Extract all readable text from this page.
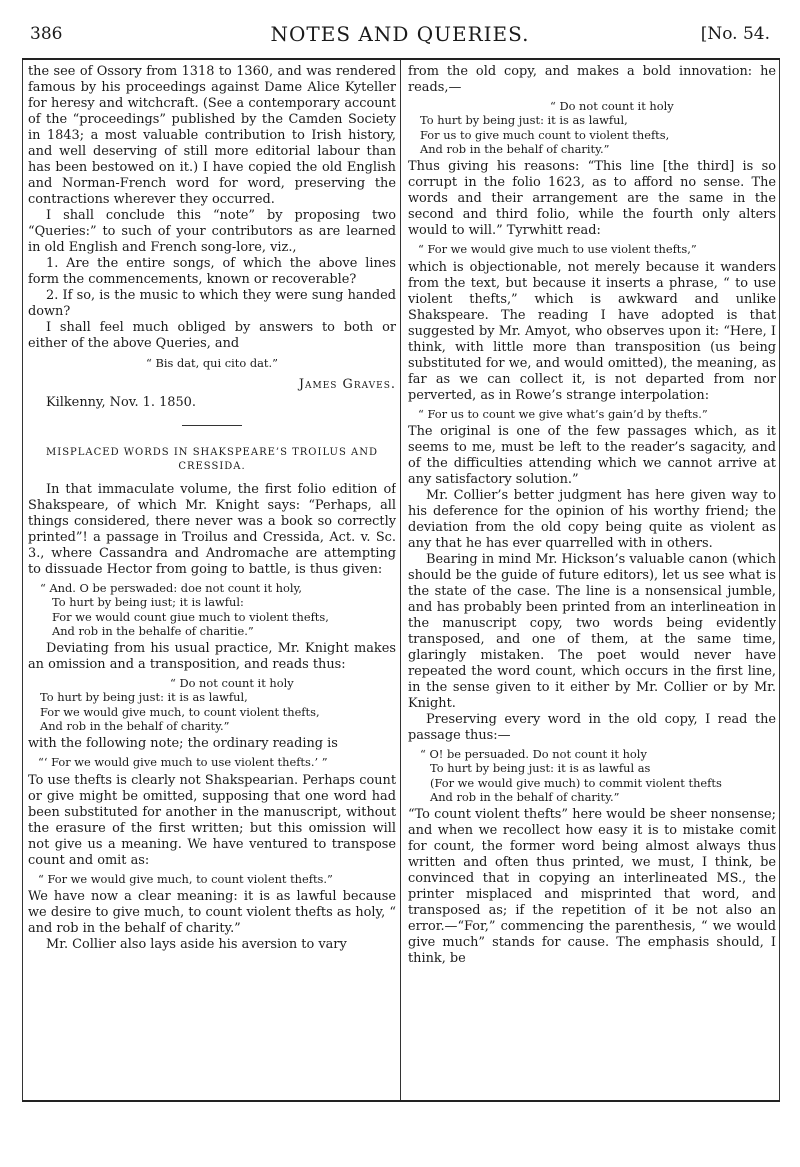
386	NOTES AND QUERIES.	[No. 54.

the see of Ossory from 1318 to 1360, and was rendered famous by his proceedings against Dame Alice Kyteller for heresy and witchcraft. (See a contemporary account of the “proceedings” published by the Camden Society in 1843; a most valuable contribution to Irish history, and well deserving of still more editorial labour than has been bestowed on it.) I have copied the old English and Norman-French word for word, preserving the contractions wherever they occurred.

I shall conclude this “note” by proposing two “Queries:” to such of your contributors as are learned in old English and French song-lore, viz.,

1. Are the entire songs, of which the above lines form the commencements, known or recoverable?

2. If so, is the music to which they were sung handed down?

I shall feel much obliged by answers to both or either of the above Queries, and

“ Bis dat, qui cito dat.”
James Graves.
Kilkenny, Nov. 1. 1850.
MISPLACED WORDS IN SHAKSPEARE’S TROILUS AND
CRESSIDA.

In that immaculate volume, the first folio edition of Shakspeare, of which Mr. Knight says: “Perhaps, all things considered, there never was a book so correctly printed”! a passage in Troilus and Cressida, Act. v. Sc. 3., where Cassandra and Andromache are attempting to dissuade Hector from going to battle, is thus given:

“ And. O be perswaded: doe not count it holy,
To hurt by being iust; it is lawful:
For we would count giue much to violent thefts,
And rob in the behalfe of charitie.”

Deviating from his usual practice, Mr. Knight makes an omission and a transposition, and reads thus:

“ Do not count it holy
To hurt by being just: it is as lawful,
For we would give much, to count violent thefts,
And rob in the behalf of charity.”

with the following note; the ordinary reading is

“‘ For we would give much to use violent thefts.’ ”

To use thefts is clearly not Shakspearian. Perhaps count or give might be omitted, supposing that one word had been substituted for another in the manuscript, without the erasure of the first written; but this omission will not give us a meaning. We have ventured to transpose count and omit as:

“ For we would give much, to count violent thefts.”

We have now a clear meaning: it is as lawful because we desire to give much, to count violent thefts as holy, “ and rob in the behalf of charity.”

Mr. Collier also lays aside his aversion to vary

from the old copy, and makes a bold innovation: he reads,—

“ Do not count it holy
To hurt by being just: it is as lawful,
For us to give much count to violent thefts,
And rob in the behalf of charity.”

Thus giving his reasons: “This line [the third] is so corrupt in the folio 1623, as to afford no sense. The words and their arrangement are the same in the second and third folio, while the fourth only alters would to will.” Tyrwhitt read:

“ For we would give much to use violent thefts,”

which is objectionable, not merely because it wanders from the text, but because it inserts a phrase, “ to use violent thefts,” which is awkward and unlike Shakspeare. The reading I have adopted is that suggested by Mr. Amyot, who observes upon it: “Here, I think, with little more than transposition (us being substituted for we, and would omitted), the meaning, as far as we can collect it, is not departed from nor perverted, as in Rowe’s strange interpolation:

“ For us to count we give what’s gain’d by thefts.”

The original is one of the few passages which, as it seems to me, must be left to the reader’s sagacity, and of the difficulties attending which we cannot arrive at any satisfactory solution.”

Mr. Collier’s better judgment has here given way to his deference for the opinion of his worthy friend; the deviation from the old copy being quite as violent as any that he has ever quarrelled with in others.

Bearing in mind Mr. Hickson’s valuable canon (which should be the guide of future editors), let us see what is the state of the case. The line is a nonsensical jumble, and has probably been printed from an interlineation in the manuscript copy, two words being evidently transposed, and one of them, at the same time, glaringly mistaken. The poet would never have repeated the word count, which occurs in the first line, in the sense given to it either by Mr. Collier or by Mr. Knight.

Preserving every word in the old copy, I read the passage thus:—

“ O! be persuaded. Do not count it holy
To hurt by being just: it is as lawful as
(For we would give much) to commit violent thefts
And rob in the behalf of charity.”

“To count violent thefts” here would be sheer nonsense; and when we recollect how easy it is to mistake comit for count, the former word being almost always thus written and often thus printed, we must, I think, be convinced that in copying an interlineated MS., the printer misplaced and misprinted that word, and transposed as; if the repetition of it be not also an error.—“For,” commencing the parenthesis, “ we would give much” stands for cause. The emphasis should, I think, be
